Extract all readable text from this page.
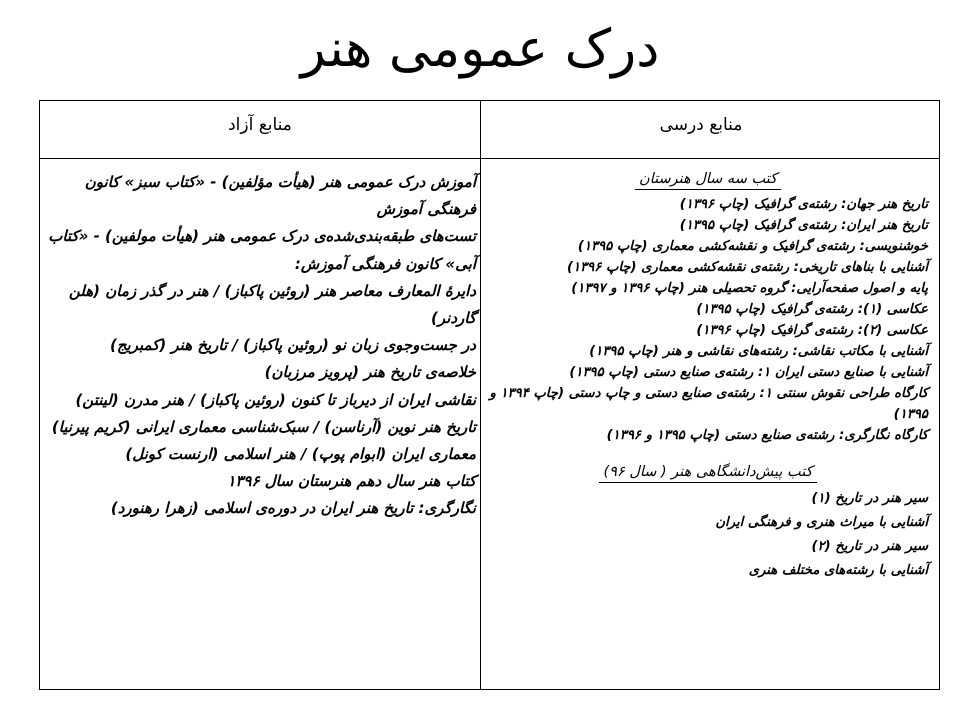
درک عمومی هنر
منابع درسی
منابع آزاد
کتب سه سال هنرستان
تاریخ هنر جهان: رشته‌ی گرافیک (چاپ ۱۳۹۶)
تاریخ هنر ایران: رشته‌ی گرافیک (چاپ ۱۳۹۵)
خوشنویسی: رشته‌ی گرافیک و نقشه‌کشی معماری (چاپ ۱۳۹۵)
آشنایی با بناهای تاریخی: رشته‌ی نقشه‌کشی معماری (چاپ ۱۳۹۶)
پایه و اصول صفحه‌آرایی: گروه تحصیلی هنر (چاپ ۱۳۹۶ و ۱۳۹۷)
عکاسی (۱): رشته‌ی گرافیک (چاپ ۱۳۹۵)
عکاسی (۲): رشته‌ی گرافیک (چاپ ۱۳۹۶)
آشنایی با مکاتب نقاشی: رشته‌های نقاشی و هنر (چاپ ۱۳۹۵)
آشنایی با صنایع دستی ایران ۱: رشته‌ی صنایع دستی (چاپ ۱۳۹۵)
کارگاه طراحی نقوش سنتی ۱: رشته‌ی صنایع دستی و چاپ دستی (چاپ ۱۳۹۴ و ۱۳۹۵)
کارگاه نگارگری: رشته‌ی صنایع دستی (چاپ ۱۳۹۵ و ۱۳۹۶)
کتب پیش‌دانشگاهی هنر ( سال ۹۶)
سیر هنر در تاریخ (۱)
آشنایی با میراث هنری و فرهنگی ایران
سیر هنر در تاریخ (۲)
آشنایی با رشته‌های مختلف هنری
آموزش درک عمومی هنر (هیأت مؤلفین) - «کتاب سبز» کانون فرهنگی آموزش
تست‌های طبقه‌بندی‌شده‌ی درک عمومی هنر (هیأت مولفین) - «کتاب آبی» کانون فرهنگی آموزش:
دایرهٔ المعارف معاصر هنر (روئین پاکباز) / هنر در گذر زمان (هلن گاردنر)
در جست‌وجوی زبان نو (روئین پاکباز) / تاریخ هنر (کمبریج)
خلاصه‌ی تاریخ هنر (پرویز مرزبان)
نقاشی ایران از دیرباز تا کنون (روئین پاکباز) / هنر مدرن (لینتن)
تاریخ هنر نوین (آرناسن) / سبک‌شناسی معماری ایرانی (کریم پیرنیا)
معماری ایران (ابوام پوپ) / هنر اسلامی (ارنست کونل)
کتاب هنر سال دهم هنرستان سال ۱۳۹۶
نگارگری: تاریخ هنر ایران در دوره‌ی اسلامی (زهرا رهنورد)
